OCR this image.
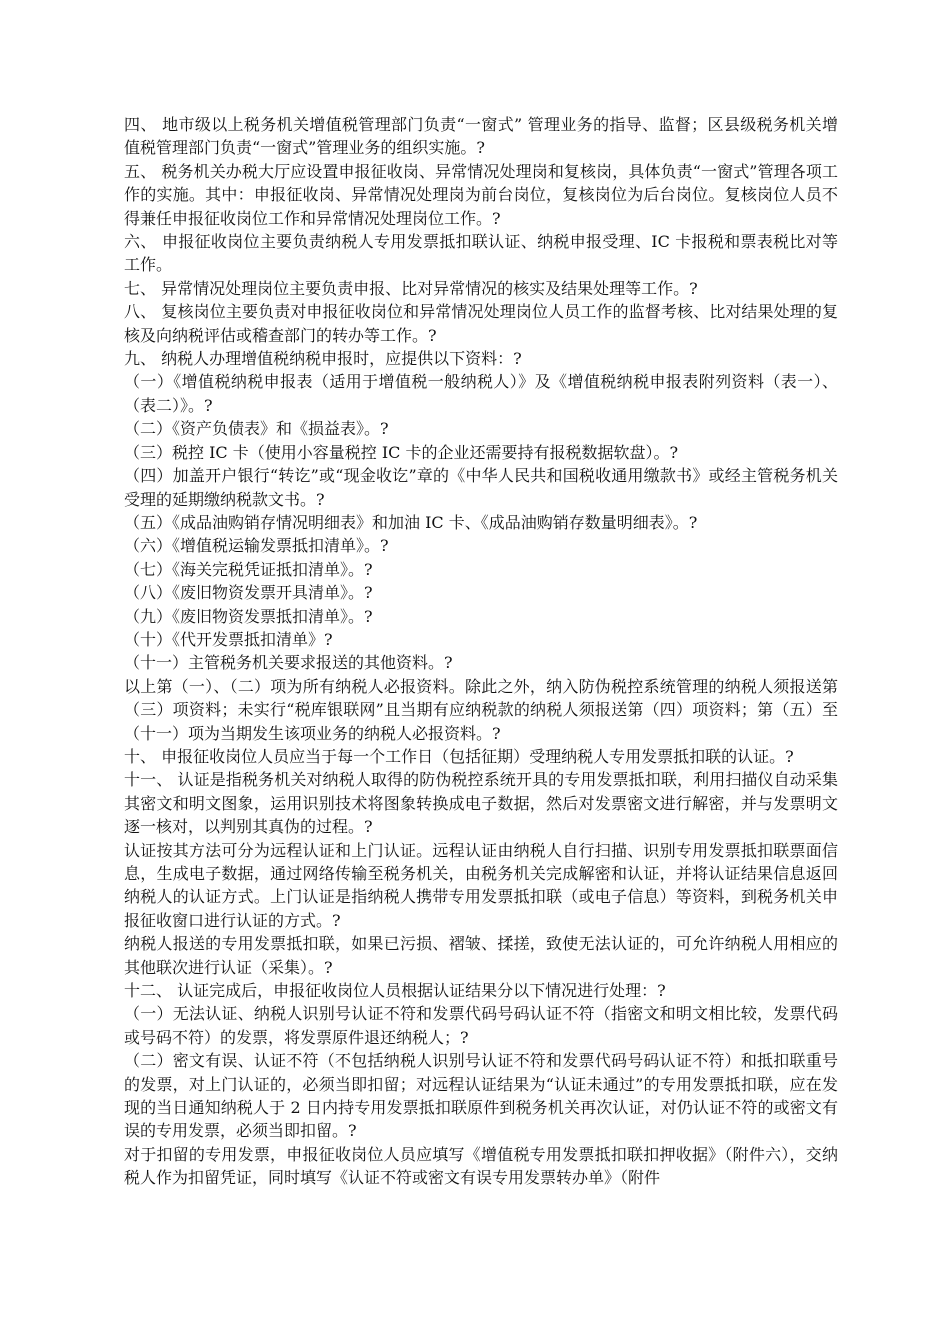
四、 地市级以上税务机关增值税管理部门负责“一窗式” 管理业务的指导、监督；区县级税务机关增值税管理部门负责“一窗式”管理业务的组织实施。?

五、 税务机关办税大厅应设置申报征收岗、异常情况处理岗和复核岗，具体负责“一窗式”管理各项工作的实施。其中：申报征收岗、异常情况处理岗为前台岗位，复核岗位为后台岗位。复核岗位人员不得兼任申报征收岗位工作和异常情况处理岗位工作。?

六、 申报征收岗位主要负责纳税人专用发票抵扣联认证、纳税申报受理、IC 卡报税和票表税比对等工作。

七、 异常情况处理岗位主要负责申报、比对异常情况的核实及结果处理等工作。?

八、 复核岗位主要负责对申报征收岗位和异常情况处理岗位人员工作的监督考核、比对结果处理的复核及向纳税评估或稽查部门的转办等工作。?

九、 纳税人办理增值税纳税申报时，应提供以下资料：?

（一）《增值税纳税申报表（适用于增值税一般纳税人）》及《增值税纳税申报表附列资料（表一）、（表二）》。?

（二）《资产负债表》和《损益表》。?

（三）税控 IC 卡（使用小容量税控 IC 卡的企业还需要持有报税数据软盘）。?

（四）加盖开户银行“转讫”或“现金收讫”章的《中华人民共和国税收通用缴款书》或经主管税务机关受理的延期缴纳税款文书。?

（五）《成品油购销存情况明细表》和加油 IC 卡、《成品油购销存数量明细表》。?

（六）《增值税运输发票抵扣清单》。?

（七）《海关完税凭证抵扣清单》。?

（八）《废旧物资发票开具清单》。?

（九）《废旧物资发票抵扣清单》。?

（十）《代开发票抵扣清单》?

（十一）主管税务机关要求报送的其他资料。?

以上第（一）、（二）项为所有纳税人必报资料。除此之外，纳入防伪税控系统管理的纳税人须报送第（三）项资料；未实行“税库银联网”且当期有应纳税款的纳税人须报送第（四）项资料；第（五）至（十一）项为当期发生该项业务的纳税人必报资料。?

十、 申报征收岗位人员应当于每一个工作日（包括征期）受理纳税人专用发票抵扣联的认证。?

十一、 认证是指税务机关对纳税人取得的防伪税控系统开具的专用发票抵扣联，利用扫描仪自动采集其密文和明文图象，运用识别技术将图象转换成电子数据，然后对发票密文进行解密，并与发票明文逐一核对，以判别其真伪的过程。?

认证按其方法可分为远程认证和上门认证。远程认证由纳税人自行扫描、识别专用发票抵扣联票面信息，生成电子数据，通过网络传输至税务机关，由税务机关完成解密和认证，并将认证结果信息返回纳税人的认证方式。上门认证是指纳税人携带专用发票抵扣联（或电子信息）等资料，到税务机关申报征收窗口进行认证的方式。?

纳税人报送的专用发票抵扣联，如果已污损、褶皱、揉搓，致使无法认证的，可允许纳税人用相应的其他联次进行认证（采集）。?

十二、 认证完成后，申报征收岗位人员根据认证结果分以下情况进行处理：?

（一）无法认证、纳税人识别号认证不符和发票代码号码认证不符（指密文和明文相比较，发票代码或号码不符）的发票，将发票原件退还纳税人；?

（二）密文有误、认证不符（不包括纳税人识别号认证不符和发票代码号码认证不符）和抵扣联重号的发票，对上门认证的，必须当即扣留；对远程认证结果为“认证未通过”的专用发票抵扣联，应在发现的当日通知纳税人于 2 日内持专用发票抵扣联原件到税务机关再次认证，对仍认证不符的或密文有误的专用发票，必须当即扣留。?

对于扣留的专用发票，申报征收岗位人员应填写《增值税专用发票抵扣联扣押收据》（附件六），交纳税人作为扣留凭证，同时填写《认证不符或密文有误专用发票转办单》（附件
